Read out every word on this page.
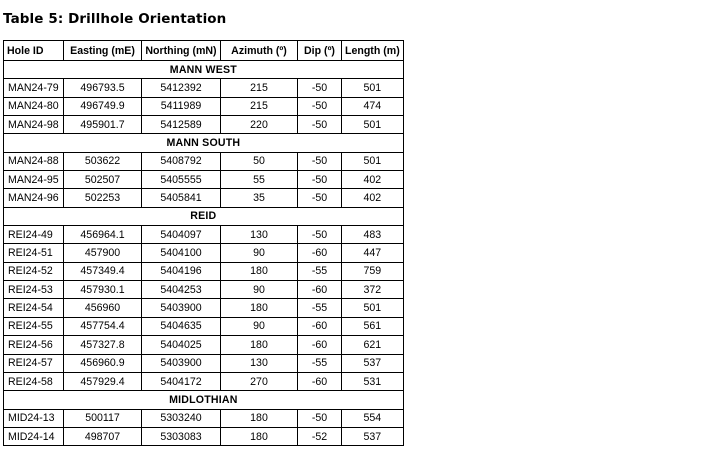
Table 5: Drillhole Orientation
Hole ID	Easting (mE)	Northing (mN)	Azimuth (º)	Dip (º)	Length (m)
MANN WEST					
MAN24-79	496793.5	5412392	215	-50	501
MAN24-80	496749.9	5411989	215	-50	474
MAN24-98	495901.7	5412589	220	-50	501
MANN SOUTH					
MAN24-88	503622	5408792	50	-50	501
MAN24-95	502507	5405555	55	-50	402
MAN24-96	502253	5405841	35	-50	402
REID					
REI24-49	456964.1	5404097	130	-50	483
REI24-51	457900	5404100	90	-60	447
REI24-52	457349.4	5404196	180	-55	759
REI24-53	457930.1	5404253	90	-60	372
REI24-54	456960	5403900	180	-55	501
REI24-55	457754.4	5404635	90	-60	561
REI24-56	457327.8	5404025	180	-60	621
REI24-57	456960.9	5403900	130	-55	537
REI24-58	457929.4	5404172	270	-60	531
MIDLOTHIAN					
MID24-13	500117	5303240	180	-50	554
MID24-14	498707	5303083	180	-52	537
